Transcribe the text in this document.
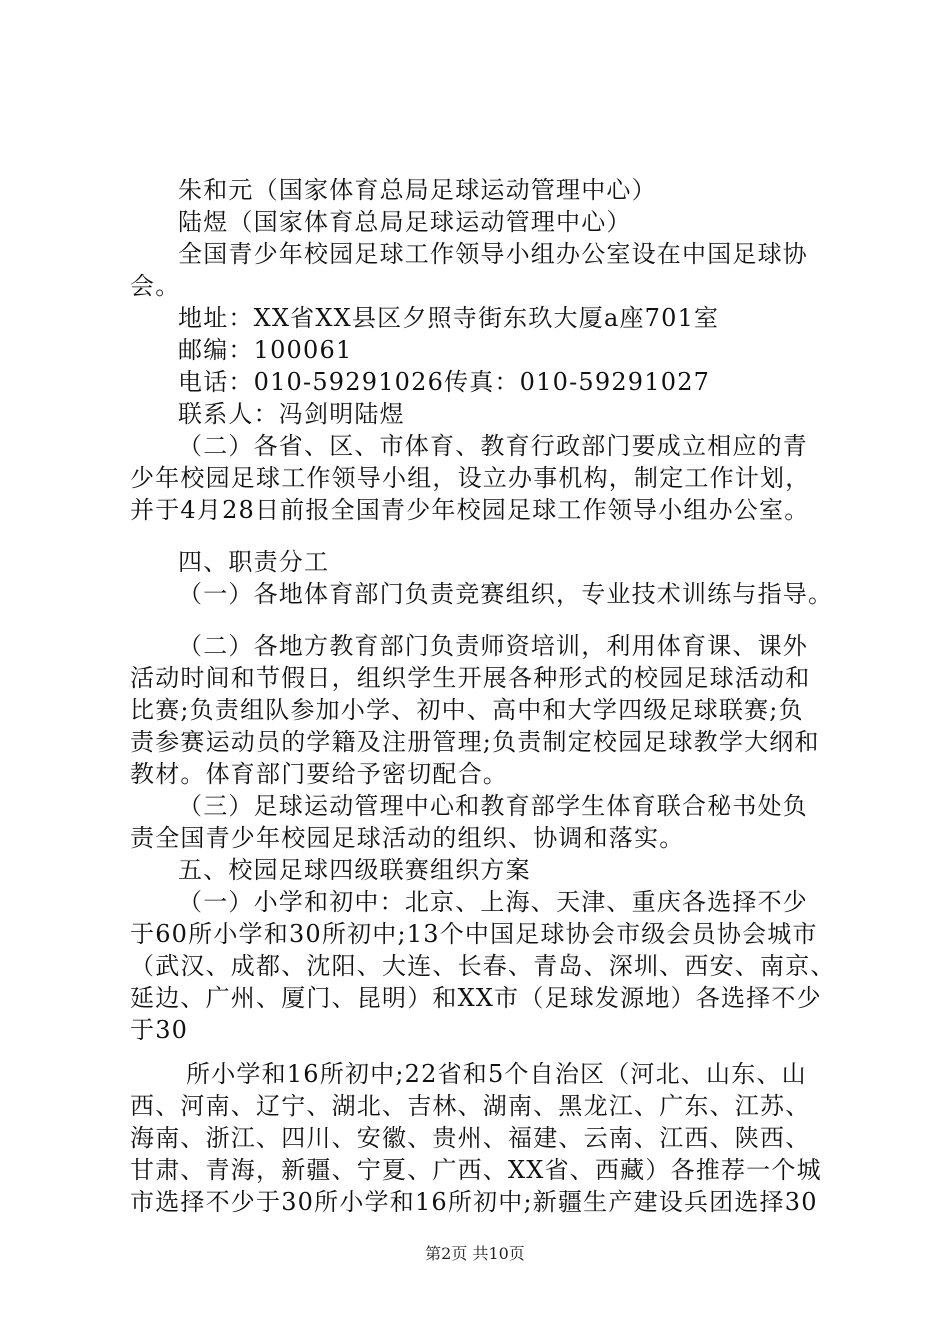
朱和元（国家体育总局足球运动管理中心）
陆煜（国家体育总局足球运动管理中心）
全国青少年校园足球工作领导小组办公室设在中国足球协
会。
地址：XX省XX县区夕照寺街东玖大厦a座701室
邮编：100061
电话：010-59291026传真：010-59291027
联系人：冯剑明陆煜
（二）各省、区、市体育、教育行政部门要成立相应的青
少年校园足球工作领导小组，设立办事机构，制定工作计划，
并于4月28日前报全国青少年校园足球工作领导小组办公室。
四、职责分工
（一）各地体育部门负责竞赛组织，专业技术训练与指导。
（二）各地方教育部门负责师资培训，利用体育课、课外
活动时间和节假日，组织学生开展各种形式的校园足球活动和
比赛;负责组队参加小学、初中、高中和大学四级足球联赛;负
责参赛运动员的学籍及注册管理;负责制定校园足球教学大纲和
教材。体育部门要给予密切配合。
（三）足球运动管理中心和教育部学生体育联合秘书处负
责全国青少年校园足球活动的组织、协调和落实。
五、校园足球四级联赛组织方案
（一）小学和初中：北京、上海、天津、重庆各选择不少
于60所小学和30所初中;13个中国足球协会市级会员协会城市
（武汉、成都、沈阳、大连、长春、青岛、深圳、西安、南京、
延边、广州、厦门、昆明）和XX市（足球发源地）各选择不少
于30
所小学和16所初中;22省和5个自治区（河北、山东、山
西、河南、辽宁、湖北、吉林、湖南、黑龙江、广东、江苏、
海南、浙江、四川、安徽、贵州、福建、云南、江西、陕西、
甘肃、青海，新疆、宁夏、广西、XX省、西藏）各推荐一个城
市选择不少于30所小学和16所初中;新疆生产建设兵团选择30
第2页 共10页
